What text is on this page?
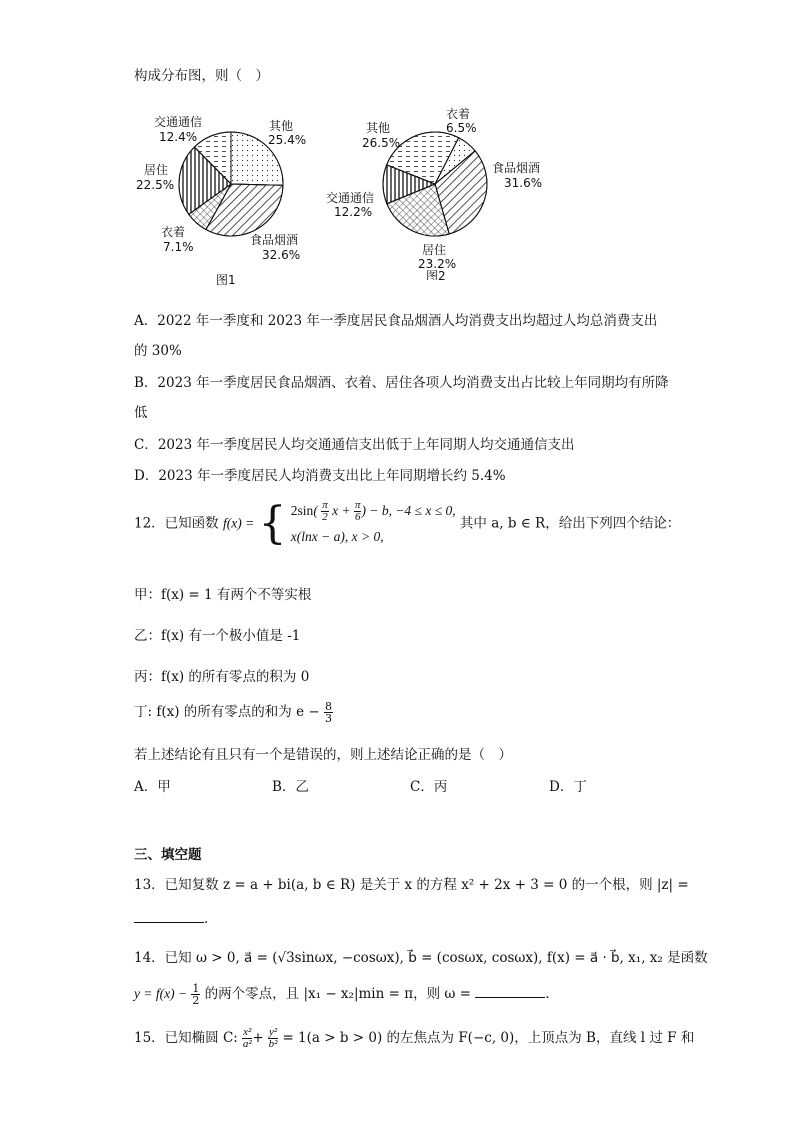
构成分布图，则（　）
其他
25.4%
食品烟酒
32.6%
衣着
7.1%
居住
22.5%
交通通信
12.4%
图1
衣着
6.5%
食品烟酒
31.6%
居住
23.2%
交通通信
12.2%
其他
26.5%
图2
A．2022 年一季度和 2023 年一季度居民食品烟酒人均消费支出均超过人均总消费支出
的 30%
B．2023 年一季度居民食品烟酒、衣着、居住各项人均消费支出占比较上年同期均有所降
低
C．2023 年一季度居民人均交通通信支出低于上年同期人均交通通信支出
D．2023 年一季度居民人均消费支出比上年同期增长约 5.4%
12．已知函数 f(x) = { $2\sin( \frac{\pi}{2}$ $x + \frac{\pi}{6}$ ) − b, −4 ≤ x ≤ 0,
x(lnx − a), x > 0,
其中 a, b ∈ R，给出下列四个结论：
甲：f(x) = 1 有两个不等实根
乙：f(x) 有一个极小值是 -1
丙：f(x) 的所有零点的积为 0
丁: f(x) 的所有零点的和为 $e - \frac{8}{3}$
若上述结论有且只有一个是错误的，则上述结论正确的是（　）
A．甲	B．乙	C．丙	D．丁
三、填空题
13．已知复数 z = a + bi(a, b ∈ R) 是关于 x 的方程 x² + 2x + 3 = 0 的一个根，则 |z| =
.
14．已知 ω > 0, a⃗ = (√3sinωx, −cosωx), b⃗ = (cosωx, cosωx), f(x) = a⃗ · b⃗, x₁, x₂ 是函数
$y = f(x) - \frac{1}{2}$ 的两个零点，且 |x₁ − x₂|min = π，则 ω =	.
15．已知椭圆 C: $\frac{\text{x²}}{\text{a²}} + \frac{\text{y²}}{\text{b²}} = 1(a > b > 0)$ 的左焦点为 F(−c, 0)，上顶点为 B，直线 l 过 F 和
